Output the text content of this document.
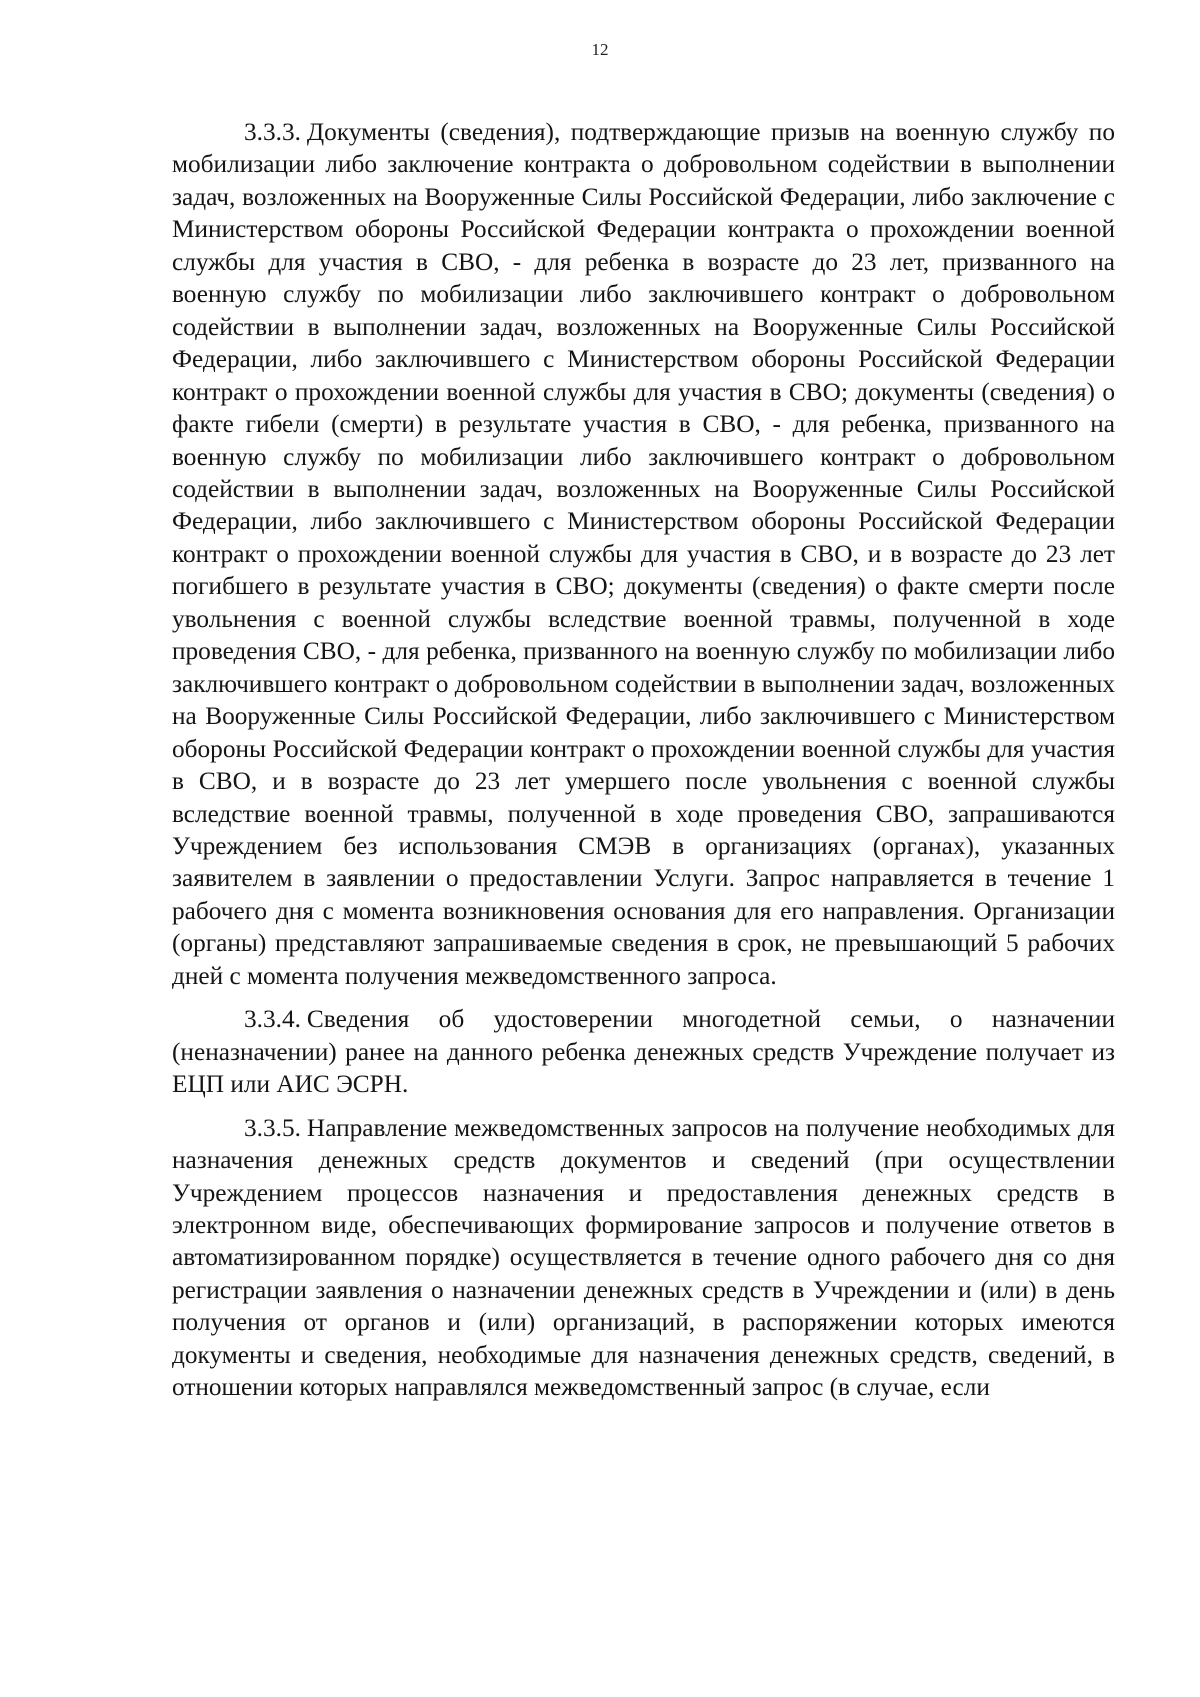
12

3.3.3. Документы (сведения), подтверждающие призыв на военную службу по мобилизации либо заключение контракта о добровольном содействии в выполнении задач, возложенных на Вооруженные Силы Российской Федерации, либо заключение с Министерством обороны Российской Федерации контракта о прохождении военной службы для участия в СВО, - для ребенка в возрасте до 23 лет, призванного на военную службу по мобилизации либо заключившего контракт о добровольном содействии в выполнении задач, возложенных на Вооруженные Силы Российской Федерации, либо заключившего с Министерством обороны Российской Федерации контракт о прохождении военной службы для участия в СВО; документы (сведения) о факте гибели (смерти) в результате участия в СВО, - для ребенка, призванного на военную службу по мобилизации либо заключившего контракт о добровольном содействии в выполнении задач, возложенных на Вооруженные Силы Российской Федерации, либо заключившего с Министерством обороны Российской Федерации контракт о прохождении военной службы для участия в СВО, и в возрасте до 23 лет погибшего в результате участия в СВО; документы (сведения) о факте смерти после увольнения с военной службы вследствие военной травмы, полученной в ходе проведения СВО, - для ребенка, призванного на военную службу по мобилизации либо заключившего контракт о добровольном содействии в выполнении задач, возложенных на Вооруженные Силы Российской Федерации, либо заключившего с Министерством обороны Российской Федерации контракт о прохождении военной службы для участия в СВО, и в возрасте до 23 лет умершего после увольнения с военной службы вследствие военной травмы, полученной в ходе проведения СВО, запрашиваются Учреждением без использования СМЭВ в организациях (органах), указанных заявителем в заявлении о предоставлении Услуги. Запрос направляется в течение 1 рабочего дня с момента возникновения основания для его направления. Организации (органы) представляют запрашиваемые сведения в срок, не превышающий 5 рабочих дней с момента получения межведомственного запроса.

3.3.4. Сведения об удостоверении многодетной семьи, о назначении (неназначении) ранее на данного ребенка денежных средств Учреждение получает из ЕЦП или АИС ЭСРН.

3.3.5. Направление межведомственных запросов на получение необходимых для назначения денежных средств документов и сведений (при осуществлении Учреждением процессов назначения и предоставления денежных средств в электронном виде, обеспечивающих формирование запросов и получение ответов в автоматизированном порядке) осуществляется в течение одного рабочего дня со дня регистрации заявления о назначении денежных средств в Учреждении и (или) в день получения от органов и (или) организаций, в распоряжении которых имеются документы и сведения, необходимые для назначения денежных средств, сведений, в отношении которых направлялся межведомственный запрос (в случае, если
